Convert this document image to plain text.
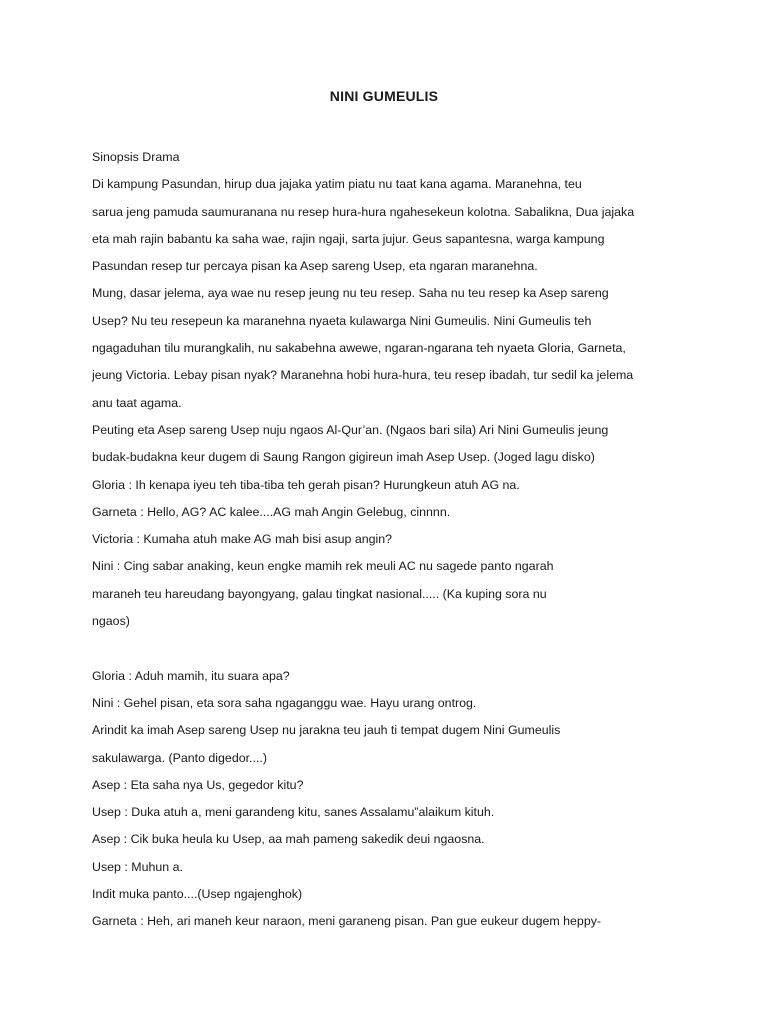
NINI GUMEULIS
Sinopsis Drama
Di kampung Pasundan, hirup dua jajaka yatim piatu nu taat kana agama. Maranehna, teu
sarua jeng pamuda saumuranana nu resep hura-hura ngahesekeun kolotna. Sabalikna, Dua jajaka
eta mah rajin babantu ka saha wae, rajin ngaji, sarta jujur. Geus sapantesna, warga kampung
Pasundan resep tur percaya pisan ka Asep sareng Usep, eta ngaran maranehna.
Mung, dasar jelema, aya wae nu resep jeung nu teu resep. Saha nu teu resep ka Asep sareng
Usep? Nu teu resepeun ka maranehna nyaeta kulawarga Nini Gumeulis. Nini Gumeulis teh
ngagaduhan tilu murangkalih, nu sakabehna awewe, ngaran-ngarana teh nyaeta Gloria, Garneta,
jeung Victoria. Lebay pisan nyak? Maranehna hobi hura-hura, teu resep ibadah, tur sedil ka jelema
anu taat agama.
Peuting eta Asep sareng Usep nuju ngaos Al-Qur’an. (Ngaos bari sila) Ari Nini Gumeulis jeung
budak-budakna keur dugem di Saung Rangon gigireun imah Asep Usep. (Joged lagu disko)
Gloria : Ih kenapa iyeu teh tiba-tiba teh gerah pisan? Hurungkeun atuh AG na.
Garneta : Hello, AG? AC kalee....AG mah Angin Gelebug, cinnnn.
Victoria : Kumaha atuh make AG mah bisi asup angin?
Nini : Cing sabar anaking, keun engke mamih rek meuli AC nu sagede panto ngarah
maraneh teu hareudang bayongyang, galau tingkat nasional..... (Ka kuping sora nu
ngaos)
Gloria : Aduh mamih, itu suara apa?
Nini : Gehel pisan, eta sora saha ngaganggu wae. Hayu urang ontrog.
Arindit ka imah Asep sareng Usep nu jarakna teu jauh ti tempat dugem Nini Gumeulis
sakulawarga. (Panto digedor....)
Asep : Eta saha nya Us, gegedor kitu?
Usep : Duka atuh a, meni garandeng kitu, sanes Assalamu”alaikum kituh.
Asep : Cik buka heula ku Usep, aa mah pameng sakedik deui ngaosna.
Usep : Muhun a.
Indit muka panto....(Usep ngajenghok)
Garneta : Heh, ari maneh keur naraon, meni garaneng pisan. Pan gue eukeur dugem heppy-
